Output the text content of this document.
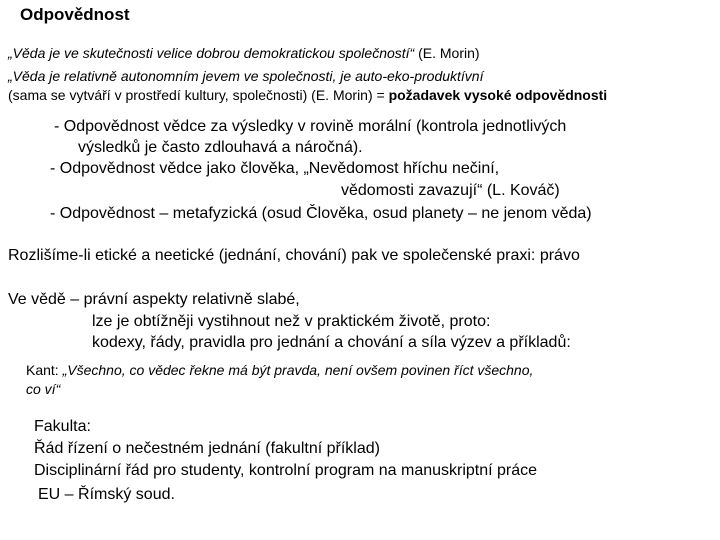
Odpovědnost
„Věda je ve skutečnosti velice dobrou demokratickou společností“ (E. Morin)
„Věda je relativně autonomním jevem ve společnosti, je auto-eko-produktívní
(sama se vytváří v prostředí kultury, společnosti) (E. Morin) = požadavek vysoké odpovědnosti
- Odpovědnost vědce za výsledky v rovině morální (kontrola jednotlivých
výsledků je často zdlouhavá a náročná).
- Odpovědnost vědce jako člověka, „Nevědomost hříchu nečiní,
vědomosti zavazují“ (L. Kováč)
- Odpovědnost – metafyzická (osud Člověka, osud planety – ne jenom věda)
Rozlišíme-li etické a neetické (jednání, chování) pak ve společenské praxi: právo
Ve vědě – právní aspekty relativně slabé,
lze je obtížněji vystihnout než v praktickém životě, proto:
kodexy, řády, pravidla pro jednání a chování a síla výzev a příkladů:
Kant: „Všechno, co vědec řekne má být pravda, není ovšem povinen říct všechno,
co ví“
Fakulta:
Řád řízení o nečestném jednání (fakultní příklad)
Disciplinární řád pro studenty, kontrolní program na manuskriptní práce
EU – Římský soud.
